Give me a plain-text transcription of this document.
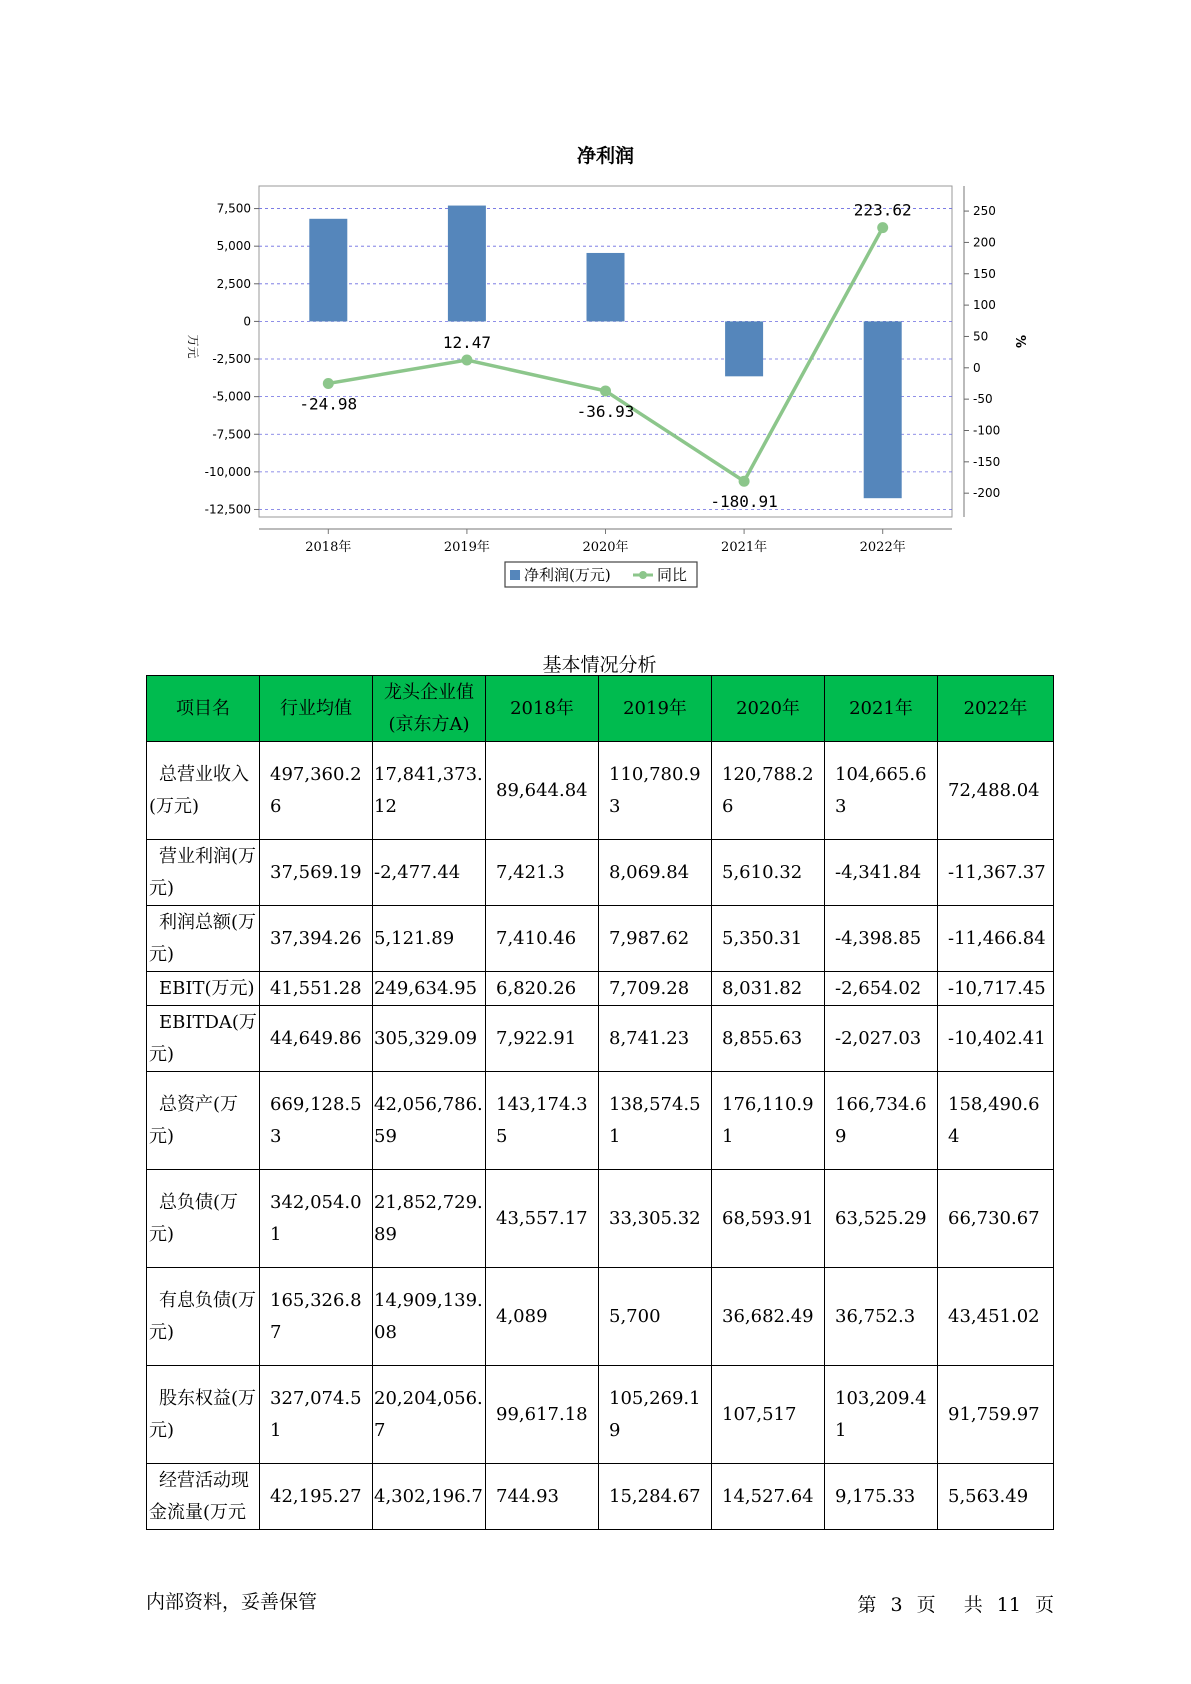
净利润
7,500
5,000
2,500
0
-2,500
-5,000
-7,500
-10,000
-12,500
万元
250
200
150
100
50
0
-50
-100
-150
-200
%
2018年	2019年	2020年	2021年	2022年
-24.98
12.47
-36.93
-180.91
223.62
净利润(万元)	同比
基本情况分析
项目名	行业均值	龙头企业值(京东方A)	2018年	2019年	2020年	2021年	2022年
总营业收入(万元)	497,360.26	17,841,373.12	89,644.84	110,780.93	120,788.26	104,665.63	72,488.04
营业利润(万元)	37,569.19	-2,477.44	7,421.3	8,069.84	5,610.32	-4,341.84	-11,367.37
利润总额(万元)	37,394.26	5,121.89	7,410.46	7,987.62	5,350.31	-4,398.85	-11,466.84
EBIT(万元)	41,551.28	249,634.95	6,820.26	7,709.28	8,031.82	-2,654.02	-10,717.45
EBITDA(万元)	44,649.86	305,329.09	7,922.91	8,741.23	8,855.63	-2,027.03	-10,402.41
总资产(万元)	669,128.53	42,056,786.59	143,174.35	138,574.51	176,110.91	166,734.69	158,490.64
总负债(万元)	342,054.01	21,852,729.89	43,557.17	33,305.32	68,593.91	63,525.29	66,730.67
有息负债(万元)	165,326.87	14,909,139.08	4,089	5,700	36,682.49	36,752.3	43,451.02
股东权益(万元)	327,074.51	20,204,056.7	99,617.18	105,269.19	107,517	103,209.41	91,759.97
经营活动现金流量(万元	42,195.27	4,302,196.7	744.93	15,284.67	14,527.64	9,175.33	5,563.49
内部资料，妥善保管	第 3 页 共 11 页
